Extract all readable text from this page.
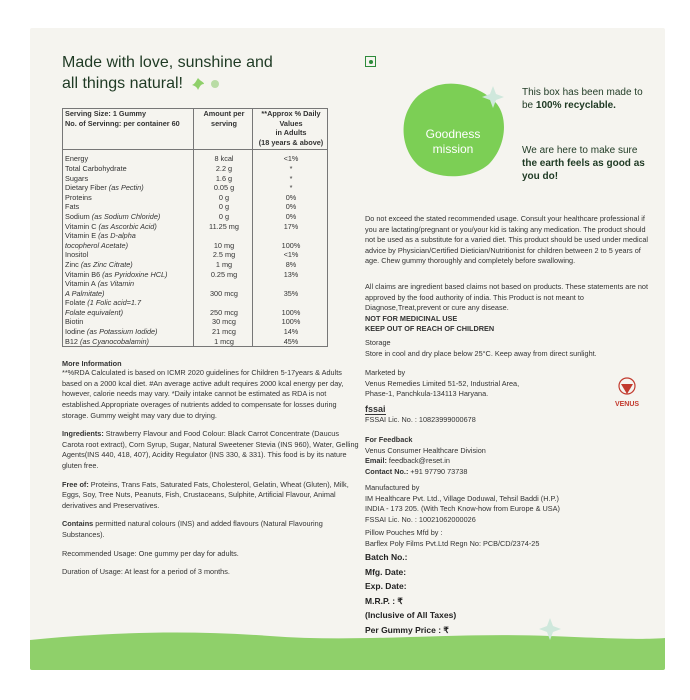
Made with love, sunshine and
all things natural!
Serving Size: 1 Gummy
No. of Servinng: per container 60	Amount per
serving	**Approx % Daily Values
in Adults
(18 years & above)
Energy	8 kcal	<1%
Total Carbohydrate	2.2 g	*
Sugars	1.6 g	*
Dietary Fiber (as Pectin)	0.05 g	*
Proteins	0 g	0%
Fats	0 g	0%
Sodium (as Sodium Chloride)	0 g	0%
Vitamin C (as Ascorbic Acid)	11.25 mg	17%
Vitamin E (as D-alpha		
tocopherol Acetate)	10 mg	100%
Inositol	2.5 mg	<1%
Zinc (as Zinc Citrate)	1 mg	8%
Vitamin B6 (as Pyridoxine HCL)	0.25 mg	13%
Vitamin A (as Vitamin		
A Palmitate)	300 mcg	35%
Folate (1 Folic acid=1.7		
Folate equivalent)	250 mcg	100%
Biotin	30 mcg	100%
Iodine (as Potassium Iodide)	21 mcg	14%
B12 (as Cyanocobalamin)	1 mcg	45%
More Information

**%RDA Calculated is based on ICMR 2020 guidelines for Children 5-17years & Adults based on a 2000 kcal diet. #An average active adult requires 2000 kcal energy per day, however, calorie needs may vary. *Daily intake cannot be estimated as RDA is not established.Appropriate overages of nutrients added to compensate for losses during storage. Gummy weight may vary due to drying.

Ingredients: Strawberry Flavour and Food Colour: Black Carrot Concentrate (Daucus Carota root extract), Corn Syrup, Sugar, Natural Sweetener Stevia (INS 960), Water, Gelling Agents(INS 440, 418, 407), Acidity Regulator (INS 330, & 331). This food is by its nature gluten free.

Free of: Proteins, Trans Fats, Saturated Fats, Cholesterol, Gelatin, Wheat (Gluten), Milk, Eggs, Soy, Tree Nuts, Peanuts, Fish, Crustaceans, Sulphite, Artificial Flavour, Animal derivatives and Preservatives.

Contains permitted natural colours (INS) and added flavours (Natural Flavouring Substances).

Recommended Usage: One gummy per day for adults.

Duration of Usage: At least for a period of 3 months.

Goodness
mission
This box has been made to be 100% recyclable.
We are here to make sure the earth feels as good as you do!
Do not exceed the stated recommended usage. Consult your healthcare professional if you are lactating/pregnant or you/your kid is taking any medication. The product should not be used as a substitute for a varied diet. This product should be used under medical advice by Physician/Certified Dietician/Nutritionist for children between 2 to 5 years of age. Chew gummy thoroughly and completely before swallowing.
All claims are ingredient based claims not based on products. These statements are not approved by the food authority of india. This Product is not meant to Diagnose,Treat,prevent or cure any disease.
NOT FOR MEDICINAL USE
KEEP OUT OF REACH OF CHILDREN
Storage
Store in cool and dry place below 25°C. Keep away from direct sunlight.
Marketed by
Venus Remedies Limited 51-52, Industrial Area,
Phase-1, Panchkula-134113 Haryana.
fssai
FSSAI Lic. No. : 10823999000678
VENUS
For Feedback
Venus Consumer Healthcare Division
Email: feedback@reset.in
Contact No.: +91 97790 73738
Manufactured by
IM Healthcare Pvt. Ltd., Village Doduwal, Tehsil Baddi (H.P.)
INDIA - 173 205. (With Tech Know-how from Europe & USA)
FSSAI Lic. No. : 10021062000026
Pillow Pouches Mfd by :
Barflex Poly Films Pvt.Ltd Regn No: PCB/CD/2374-25
Batch No.:
Mfg. Date:
Exp. Date:
M.R.P. : ₹
(Inclusive of All Taxes)
Per Gummy Price : ₹
